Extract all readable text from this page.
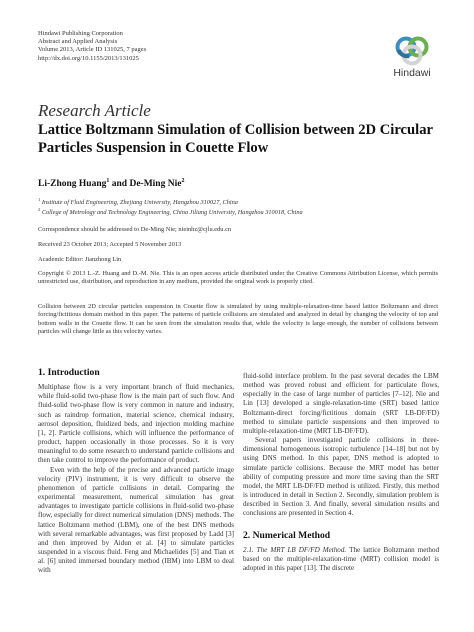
Hindawi Publishing Corporation
Abstract and Applied Analysis
Volume 2013, Article ID 131025, 7 pages
http://dx.doi.org/10.1155/2013/131025
Hindawi
Research Article
Lattice Boltzmann Simulation of Collision between 2D Circular
Particles Suspension in Couette Flow
Li-Zhong Huang$^1$ and De-Ming Nie$^2$
$^1$ Institute of Fluid Engineering, Zhejiang University, Hangzhou 310027, China
$^2$ College of Metrology and Technology Engineering, China Jiliang University, Hangzhou 310018, China
Correspondence should be addressed to De-Ming Nie; nieinhz@cjlu.edu.cn
Received 23 October 2013; Accepted 5 November 2013
Academic Editor: Jianzhong Lin
Copyright © 2013 L.-Z. Huang and D.-M. Nie. This is an open access article distributed under the Creative Commons Attribution License, which permits unrestricted use, distribution, and reproduction in any medium, provided the original work is properly cited.
Collision between 2D circular particles suspension in Couette flow is simulated by using multiple-relaxation-time based lattice Boltzmann and direct forcing/fictitious domain method in this paper. The patterns of particle collisions are simulated and analyzed in detail by changing the velocity of top and bottom walls in the Couette flow. It can be seen from the simulation results that, while the velocity is large enough, the number of collisions between particles will change little as this velocity varies.
1. Introduction

Multiphase flow is a very important branch of fluid mechanics, while fluid-solid two-phase flow is the main part of such flow. And fluid-solid two-phase flow is very common in nature and industry, such as raindrop formation, material science, chemical industry, aerosol deposition, fluidized beds, and injection molding machine [1, 2]. Particle collisions, which will influence the performance of product, happen occasionally in those processes. So it is very meaningful to do some research to understand particle collisions and then take control to improve the performance of product.

Even with the help of the precise and advanced particle image velocity (PIV) instrument, it is very difficult to observe the phenomenon of particle collisions in detail. Comparing the experimental measurement, numerical simulation has great advantages to investigate particle collisions in fluid-solid two-phase flow, especially for direct numerical simulation (DNS) methods. The lattice Boltzmann method (LBM), one of the best DNS methods with several remarkable advantages, was first proposed by Ladd [3] and then improved by Aidun et al. [4] to simulate particles suspended in a viscous fluid. Feng and Michaelides [5] and Tian et al. [6] united immersed boundary method (IBM) into LBM to deal with

fluid-solid interface problem. In the past several decades the LBM method was proved robust and efficient for particulate flows, especially in the case of large number of particles [7–12]. Nie and Lin [13] developed a single-relaxation-time (SRT) based lattice Boltzmann-direct forcing/fictitious domain (SRT LB-DF/FD) method to simulate particle suspensions and then improved to multiple-relaxation-time (MRT LB-DF/FD).

Several papers investigated particle collisions in three-dimensional homogeneous isotropic turbulence [14–18] but not by using DNS method. In this paper, DNS method is adopted to simulate particle collisions. Because the MRT model has better ability of computing pressure and more time saving than the SRT model, the MRT LB-DF/FD method is utilized. Firstly, this method is introduced in detail in Section 2. Secondly, simulation problem is described in Section 3. And finally, several simulation results and conclusions are presented in Section 4.

2. Numerical Method

2.1. The MRT LB DF/FD Method. The lattice Boltzmann method based on the multiple-relaxation-time (MRT) collision model is adopted in this paper [13]. The discrete
